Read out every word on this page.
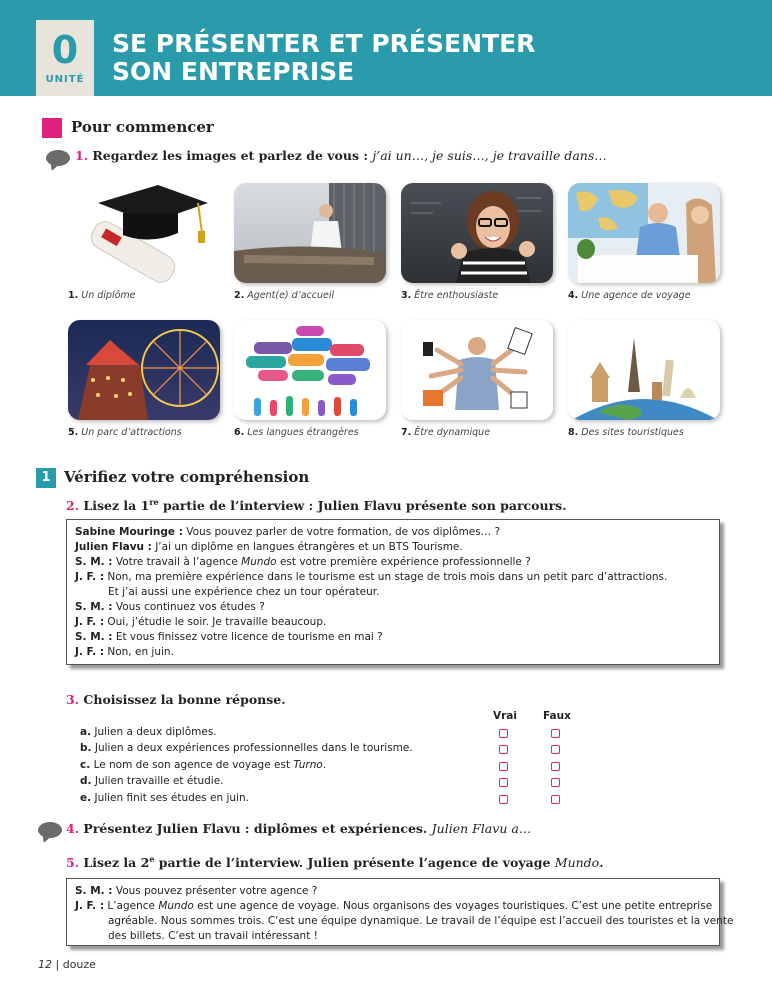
0
UNITÉ
SE PRÉSENTER ET PRÉSENTER
SON ENTREPRISE
Pour commencer
1. Regardez les images et parlez de vous : j’ai un…, je suis…, je travaille dans…
1. Un diplôme	2. Agent(e) d’accueil	3. Être enthousiaste	4. Une agence de voyage
5. Un parc d’attractions	6. Les langues étrangères	7. Être dynamique	8. Des sites touristiques
1 Vérifiez votre compréhension
2. Lisez la 1re partie de l’interview : Julien Flavu présente son parcours.

Sabine Mouringe : Vous pouvez parler de votre formation, de vos diplômes… ?

Julien Flavu : J’ai un diplôme en langues étrangères et un BTS Tourisme.

S. M. : Votre travail à l’agence Mundo est votre première expérience professionnelle ?

J. F. : Non, ma première expérience dans le tourisme est un stage de trois mois dans un petit parc d’attractions.

Et j’ai aussi une expérience chez un tour opérateur.

S. M. : Vous continuez vos études ?

J. F. : Oui, j’étudie le soir. Je travaille beaucoup.

S. M. : Et vous finissez votre licence de tourisme en mai ?

J. F. : Non, en juin.

3. Choisissez la bonne réponse.
Vrai Faux
a. Julien a deux diplômes.
b. Julien a deux expériences professionnelles dans le tourisme.
c. Le nom de son agence de voyage est Turno.
d. Julien travaille et étudie.
e. Julien finit ses études en juin.
4. Présentez Julien Flavu : diplômes et expériences. Julien Flavu a…
5. Lisez la 2e partie de l’interview. Julien présente l’agence de voyage Mundo.

S. M. : Vous pouvez présenter votre agence ?

J. F. : L’agence Mundo est une agence de voyage. Nous organisons des voyages touristiques. C’est une petite entreprise

agréable. Nous sommes trois. C’est une équipe dynamique. Le travail de l’équipe est l’accueil des touristes et la vente

des billets. C’est un travail intéressant !

12 | douze
